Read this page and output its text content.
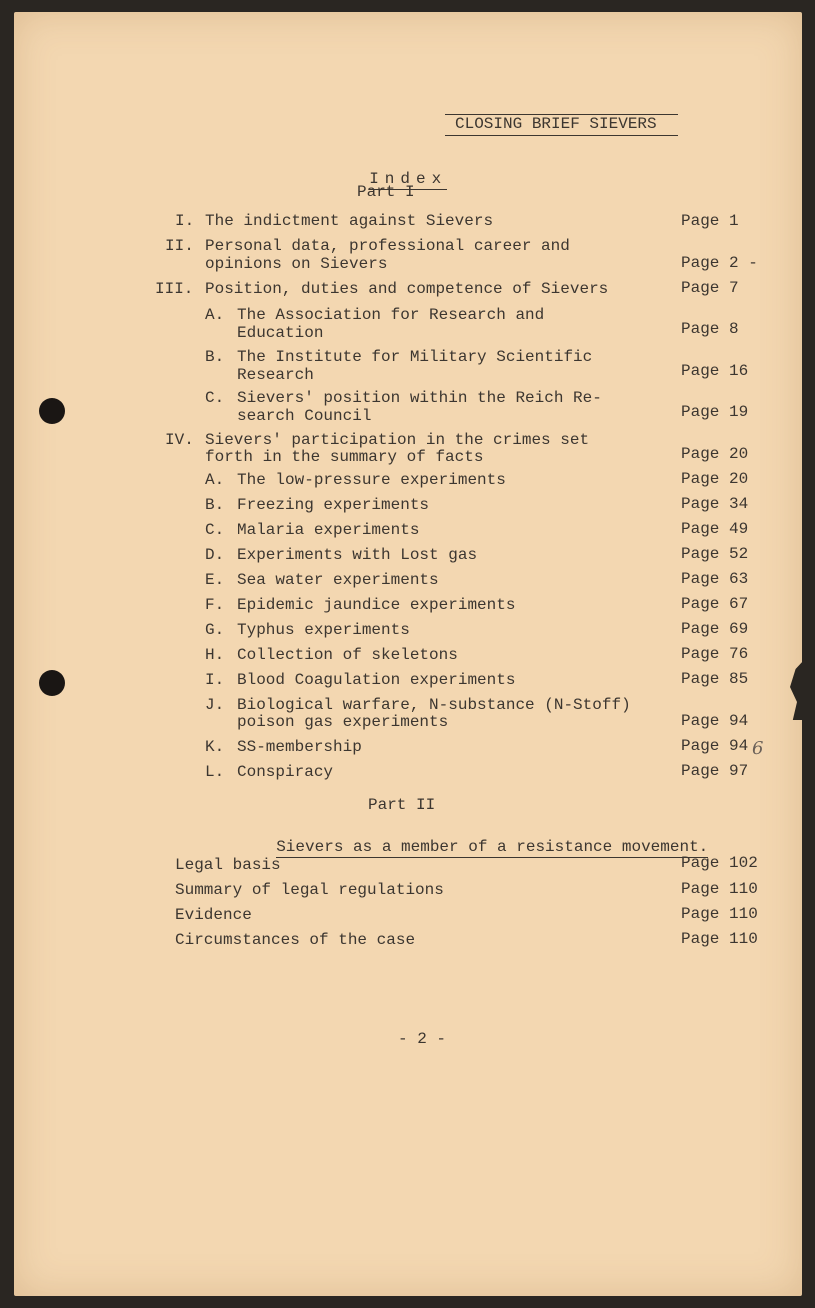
CLOSING BRIEF SIEVERS

Index

Part I
I. The indictment against Sievers	Page 1
II. Personal data, professional career and
opinions on Sievers	Page 2 -
III. Position, duties and competence of Sievers	Page 7
A. The Association for Research and
Education	Page 8
B. The Institute for Military Scientific
Research	Page 16
C. Sievers' position within the Reich Re-
search Council	Page 19
IV. Sievers' participation in the crimes set
forth in the summary of facts	Page 20
A. The low-pressure experiments	Page 20
B. Freezing experiments	Page 34
C. Malaria experiments	Page 49
D. Experiments with Lost gas	Page 52
E. Sea water experiments	Page 63
F. Epidemic jaundice experiments	Page 67
G. Typhus experiments	Page 69
H. Collection of skeletons	Page 76
I. Blood Coagulation experiments	Page 85
J. Biological warfare, N-substance (N-Stoff)
poison gas experiments	Page 94
K. SS-membership	Page 94 6
L. Conspiracy	Page 97
Part II

Sievers as a member of a resistance movement.

Legal basis	Page 102
Summary of legal regulations	Page 110
Evidence	Page 110
Circumstances of the case	Page 110
- 2 -
